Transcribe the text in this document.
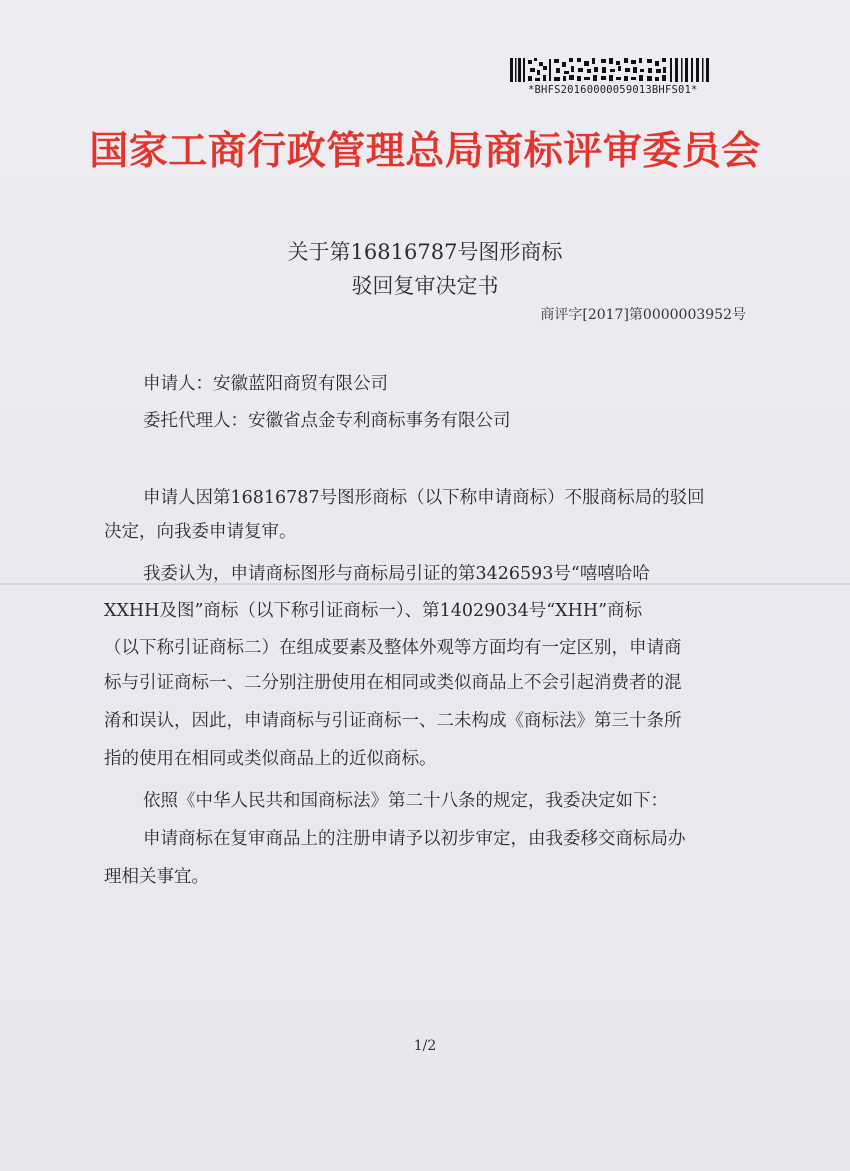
*BHFS20160000059013BHFS01*
国家工商行政管理总局商标评审委员会
关于第16816787号图形商标
驳回复审决定书
商评字[2017]第0000003952号
申请人：安徽蓝阳商贸有限公司
委托代理人：安徽省点金专利商标事务有限公司
申请人因第16816787号图形商标（以下称申请商标）不服商标局的驳回
决定，向我委申请复审。
我委认为，申请商标图形与商标局引证的第3426593号“嘻嘻哈哈
XXHH及图”商标（以下称引证商标一）、第14029034号“XHH”商标
（以下称引证商标二）在组成要素及整体外观等方面均有一定区别，申请商
标与引证商标一、二分别注册使用在相同或类似商品上不会引起消费者的混
淆和误认，因此，申请商标与引证商标一、二未构成《商标法》第三十条所
指的使用在相同或类似商品上的近似商标。
依照《中华人民共和国商标法》第二十八条的规定，我委决定如下：
申请商标在复审商品上的注册申请予以初步审定，由我委移交商标局办
理相关事宜。
1/2
